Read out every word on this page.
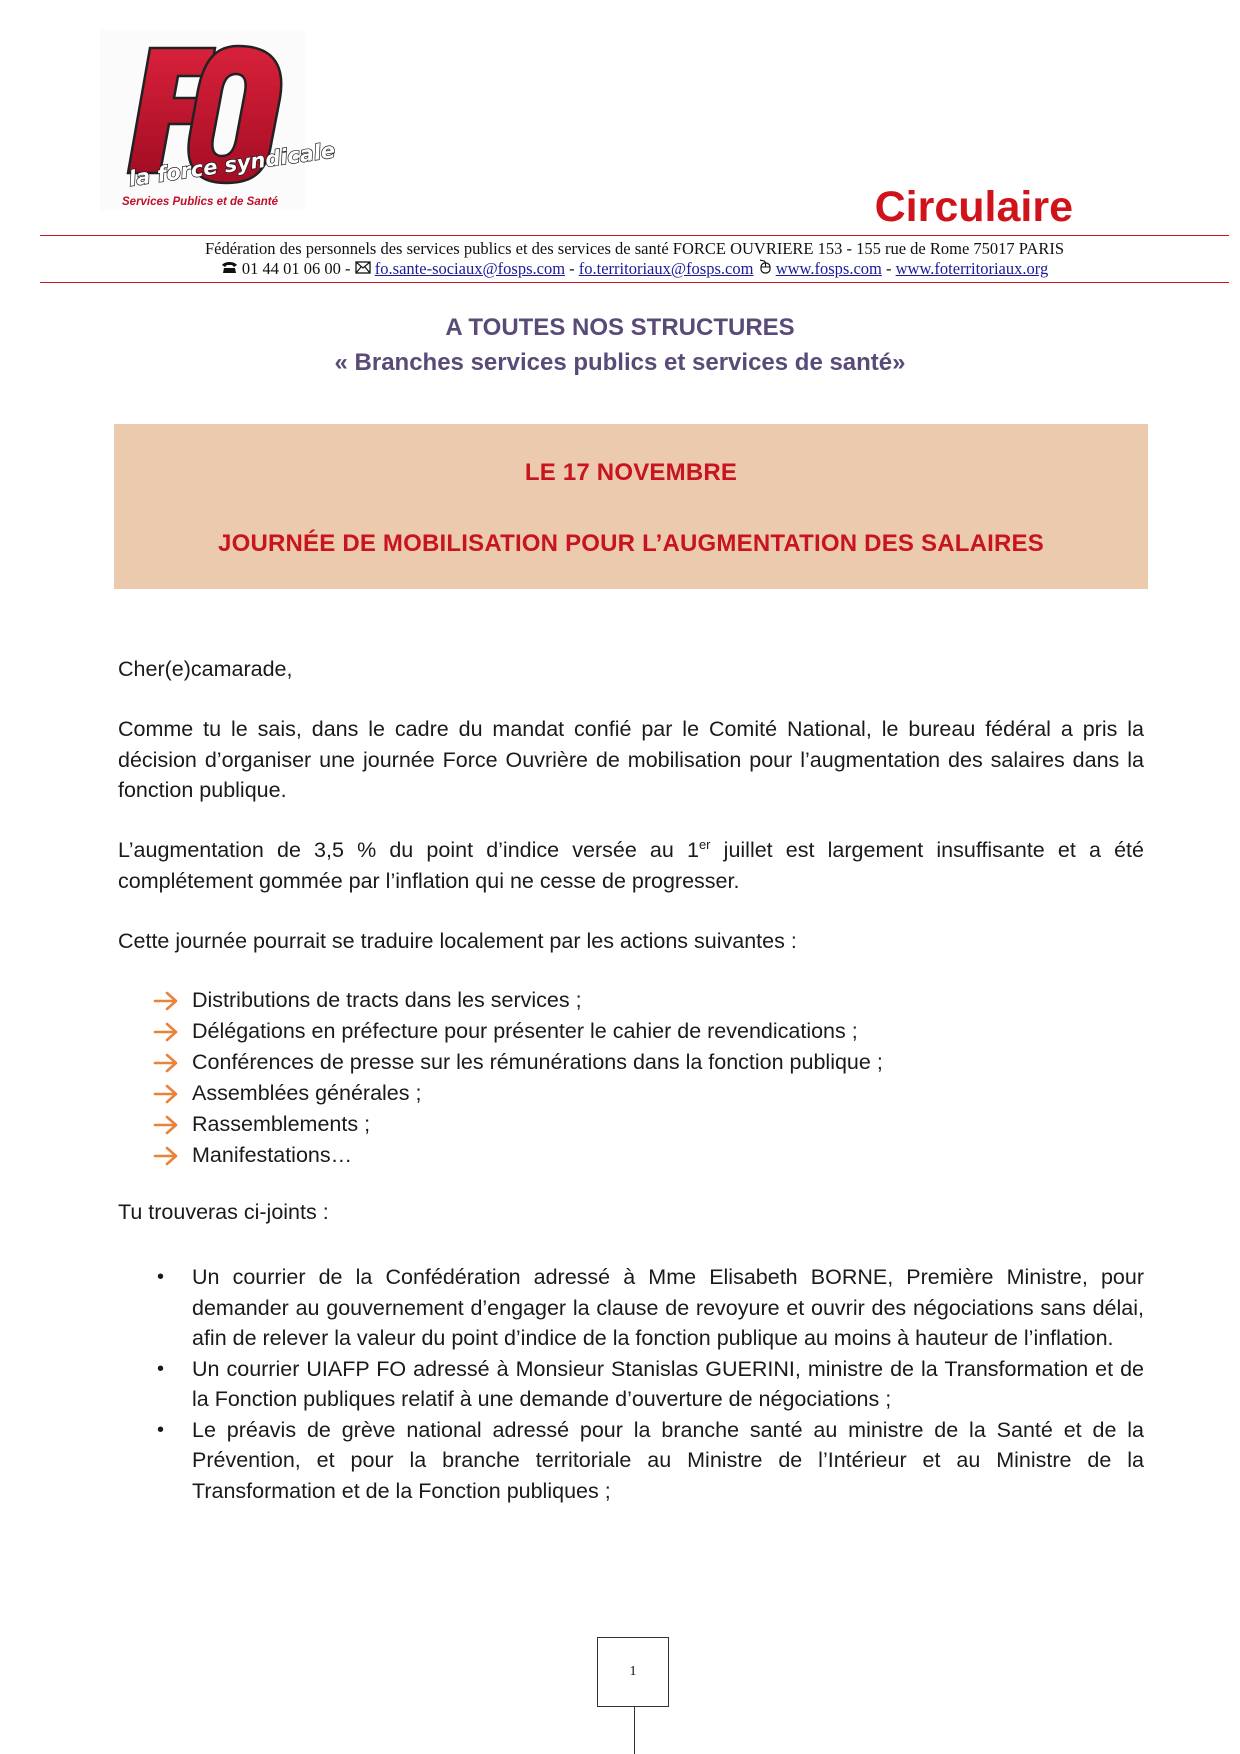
la force syndicale
Services Publics et de Santé	Circulaire
Fédération des personnels des services publics et des services de santé FORCE OUVRIERE 153 - 155 rue de Rome 75017 PARIS
01 44 01 06 00 - fo.sante-sociaux@fosps.com - fo.territoriaux@fosps.com www.fosps.com - www.foterritoriaux.org
A TOUTES NOS STRUCTURES
« Branches services publics et services de santé»
LE 17 NOVEMBRE
JOURNÉE DE MOBILISATION POUR L’AUGMENTATION DES SALAIRES
Cher(e)camarade,
Comme tu le sais, dans le cadre du mandat confié par le Comité National, le bureau fédéral a pris la décision d’organiser une journée Force Ouvrière de mobilisation pour l’augmentation des salaires dans la fonction publique.
L’augmentation de 3,5 % du point d’indice versée au 1er juillet est largement insuffisante et a été complétement gommée par l’inflation qui ne cesse de progresser.
Cette journée pourrait se traduire localement par les actions suivantes :
Distributions de tracts dans les services ;
Délégations en préfecture pour présenter le cahier de revendications ;
Conférences de presse sur les rémunérations dans la fonction publique ;
Assemblées générales ;
Rassemblements ;
Manifestations…
Tu trouveras ci-joints :
• Un courrier de la Confédération adressé à Mme Elisabeth BORNE, Première Ministre, pour demander au gouvernement d’engager la clause de revoyure et ouvrir des négociations sans délai, afin de relever la valeur du point d’indice de la fonction publique au moins à hauteur de l’inflation.
• Un courrier UIAFP FO adressé à Monsieur Stanislas GUERINI, ministre de la Transformation et de la Fonction publiques relatif à une demande d’ouverture de négociations ;
• Le préavis de grève national adressé pour la branche santé au ministre de la Santé et de la Prévention, et pour la branche territoriale au Ministre de l’Intérieur et au Ministre de la Transformation et de la Fonction publiques ;
1
